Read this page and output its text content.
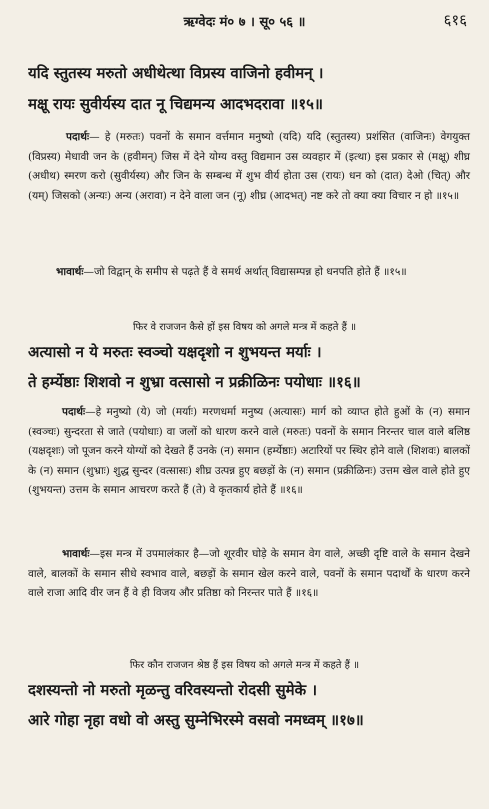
ऋग्वेदः मं० ७ । सू० ५६ ॥	६१६
यदि स्तुतस्य मरुतो अधीथेत्था विप्रस्य वाजिनो हवीमन् ।
मक्षू रायः सुवीर्यस्य दात नू चिद्यमन्य आदभदरावा ॥१५॥
पदार्थः— हे (मरुतः) पवनों के समान वर्त्तमान मनुष्यो (यदि) यदि (स्तुतस्य) प्रशंसित (वाजिनः) वेगयुक्त (विप्रस्य) मेधावी जन के (हवीमन्) जिस में देने योग्य वस्तु विद्यमान उस व्यवहार में (इत्था) इस प्रकार से (मक्षू) शीघ्र (अधीथ) स्मरण करो (सुवीर्यस्य) और जिन के सम्बन्ध में शुभ वीर्य होता उस (रायः) धन को (दात) देओ (चित्) और (यम्) जिसको (अन्यः) अन्य (अरावा) न देने वाला जन (नू) शीघ्र (आदभत्) नष्ट करे तो क्या क्या विचार न हो ॥१५॥
भावार्थः—जो विद्वान् के समीप से पढ़ते हैं वे समर्थ अर्थात् विद्यासम्पन्न हो धनपति होते हैं ॥१५॥
फिर वे राजजन कैसे हों इस विषय को अगले मन्त्र में कहते हैं ॥
अत्यासो न ये मरुतः स्वञ्चो यक्षदृशो न शुभयन्त मर्याः ।
ते हर्म्येष्ठाः शिशवो न शुभ्रा वत्सासो न प्रक्रीळिनः पयोधाः ॥१६॥
पदार्थः—हे मनुष्यो (ये) जो (मर्याः) मरणधर्मा मनुष्य (अत्यासः) मार्ग को व्याप्त होते हुओं के (न) समान (स्वञ्चः) सुन्दरता से जाते (पयोधाः) वा जलों को धारण करने वाले (मरुतः) पवनों के समान निरन्तर चाल वाले बलिष्ठ (यक्षदृशः) जो पूजन करने योग्यों को देखते हैं उनके (न) समान (हर्म्येष्ठाः) अटारियों पर स्थिर होने वाले (शिशवः) बालकों के (न) समान (शुभ्राः) शुद्ध सुन्दर (वत्सासः) शीघ्र उत्पन्न हुए बछड़ों के (न) समान (प्रक्रीळिनः) उत्तम खेल वाले होते हुए (शुभयन्त) उत्तम के समान आचरण करते हैं (ते) वे कृतकार्य होते हैं ॥१६॥
भावार्थः—इस मन्त्र में उपमालंकार है—जो शूरवीर घोड़े के समान वेग वाले, अच्छी दृष्टि वाले के समान देखने वाले, बालकों के समान सीधे स्वभाव वाले, बछड़ों के समान खेल करने वाले, पवनों के समान पदार्थों के धारण करने वाले राजा आदि वीर जन हैं वे ही विजय और प्रतिष्ठा को निरन्तर पाते हैं ॥१६॥
फिर कौन राजजन श्रेष्ठ हैं इस विषय को अगले मन्त्र में कहते हैं ॥
दशस्यन्तो नो मरुतो मृळन्तु वरिवस्यन्तो रोदसी सुमेके ।
आरे गोहा नृहा वधो वो अस्तु सुम्नेभिरस्मे वसवो नमध्वम् ॥१७॥
